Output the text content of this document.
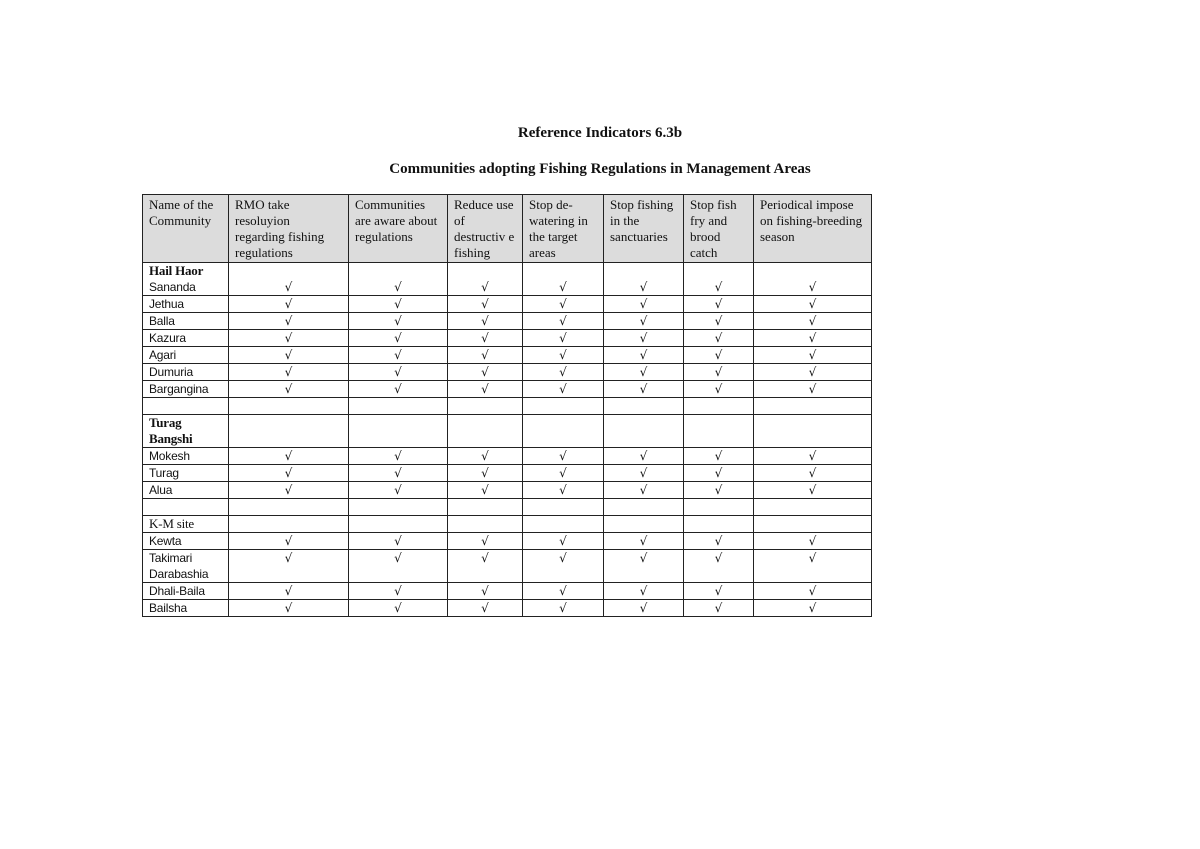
Reference Indicators 6.3b
Communities adopting Fishing Regulations in Management Areas
Name of the Community	RMO take resoluyion regarding fishing regulations	Communities are aware about regulations	Reduce use of destructiv e fishing	Stop de-watering in the target areas	Stop fishing in the sanctuaries	Stop fish fry and brood catch	Periodical impose on fishing-breeding season
Hail Haor
Sananda	√	√	√	√	√	√	√
Jethua	√	√	√	√	√	√	√
Balla	√	√	√	√	√	√	√
Kazura	√	√	√	√	√	√	√
Agari	√	√	√	√	√	√	√
Dumuria	√	√	√	√	√	√	√
Bargangina	√	√	√	√	√	√	√

Turag Bangshi							
Mokesh	√	√	√	√	√	√	√
Turag	√	√	√	√	√	√	√
Alua	√	√	√	√	√	√	√

K-M site							
Kewta	√	√	√	√	√	√	√
Takimari Darabashia	√	√	√	√	√	√	√
Dhali-Baila	√	√	√	√	√	√	√
Bailsha	√	√	√	√	√	√	√
